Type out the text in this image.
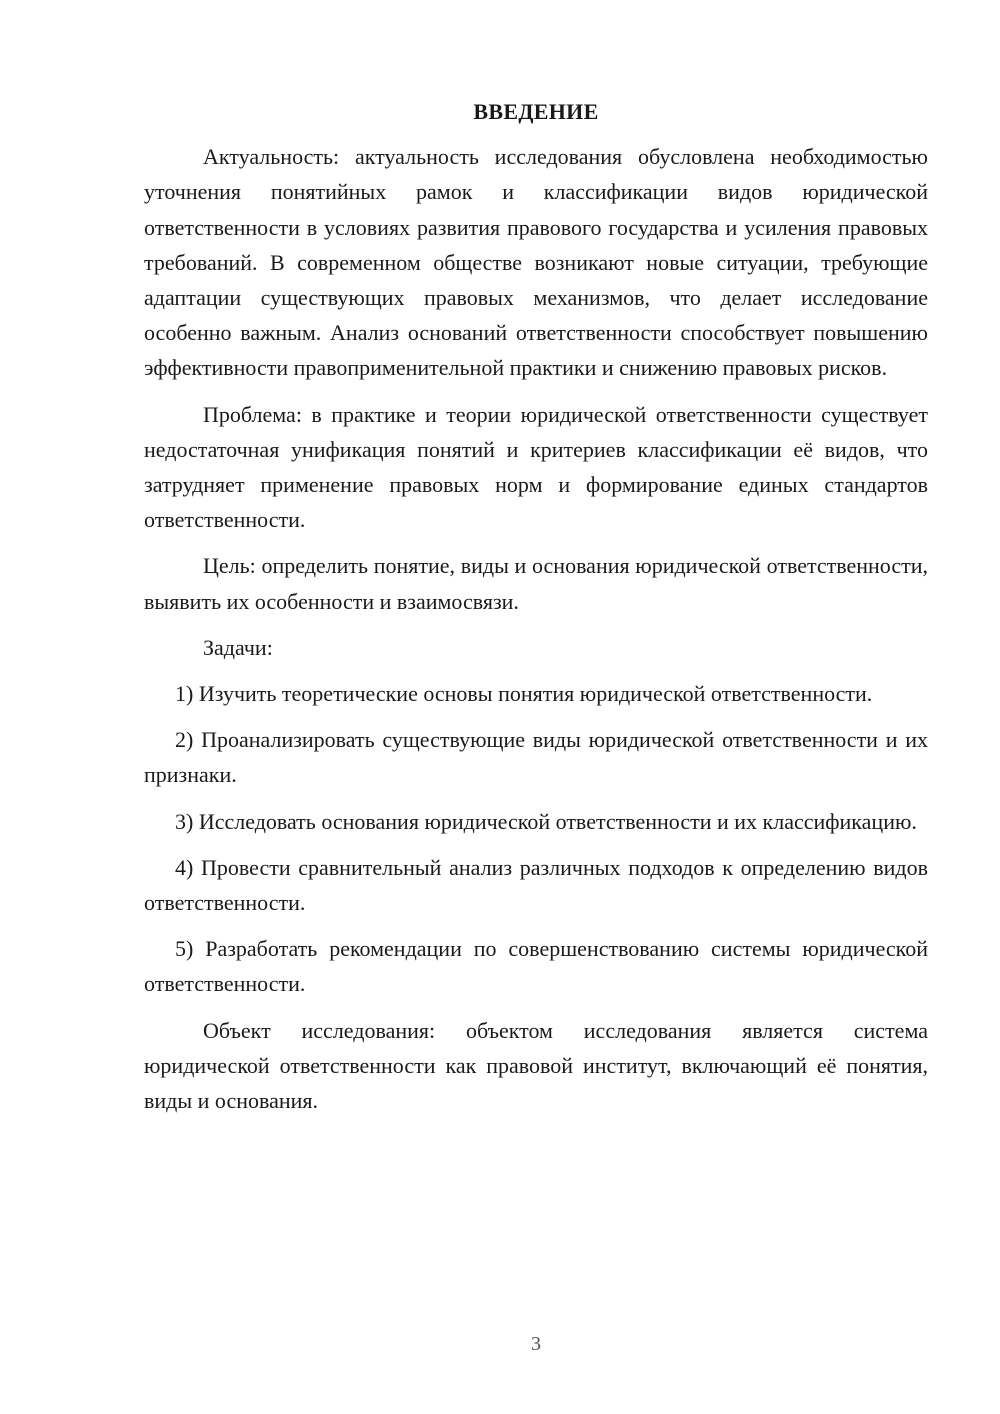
ВВЕДЕНИЕ

Актуальность: актуальность исследования обусловлена необходимостью уточнения понятийных рамок и классификации видов юридической ответственности в условиях развития правового государства и усиления правовых требований. В современном обществе возникают новые ситуации, требующие адаптации существующих правовых механизмов, что делает исследование особенно важным. Анализ оснований ответственности способствует повышению эффективности правоприменительной практики и снижению правовых рисков.

Проблема: в практике и теории юридической ответственности существует недостаточная унификация понятий и критериев классификации её видов, что затрудняет применение правовых норм и формирование единых стандартов ответственности.

Цель: определить понятие, виды и основания юридической ответственности, выявить их особенности и взаимосвязи.

Задачи:

1) Изучить теоретические основы понятия юридической ответственности.

2) Проанализировать существующие виды юридической ответственности и их признаки.

3) Исследовать основания юридической ответственности и их классификацию.

4) Провести сравнительный анализ различных подходов к определению видов ответственности.

5) Разработать рекомендации по совершенствованию системы юридической ответственности.

Объект исследования: объектом исследования является система юридической ответственности как правовой институт, включающий её понятия, виды и основания.

3
